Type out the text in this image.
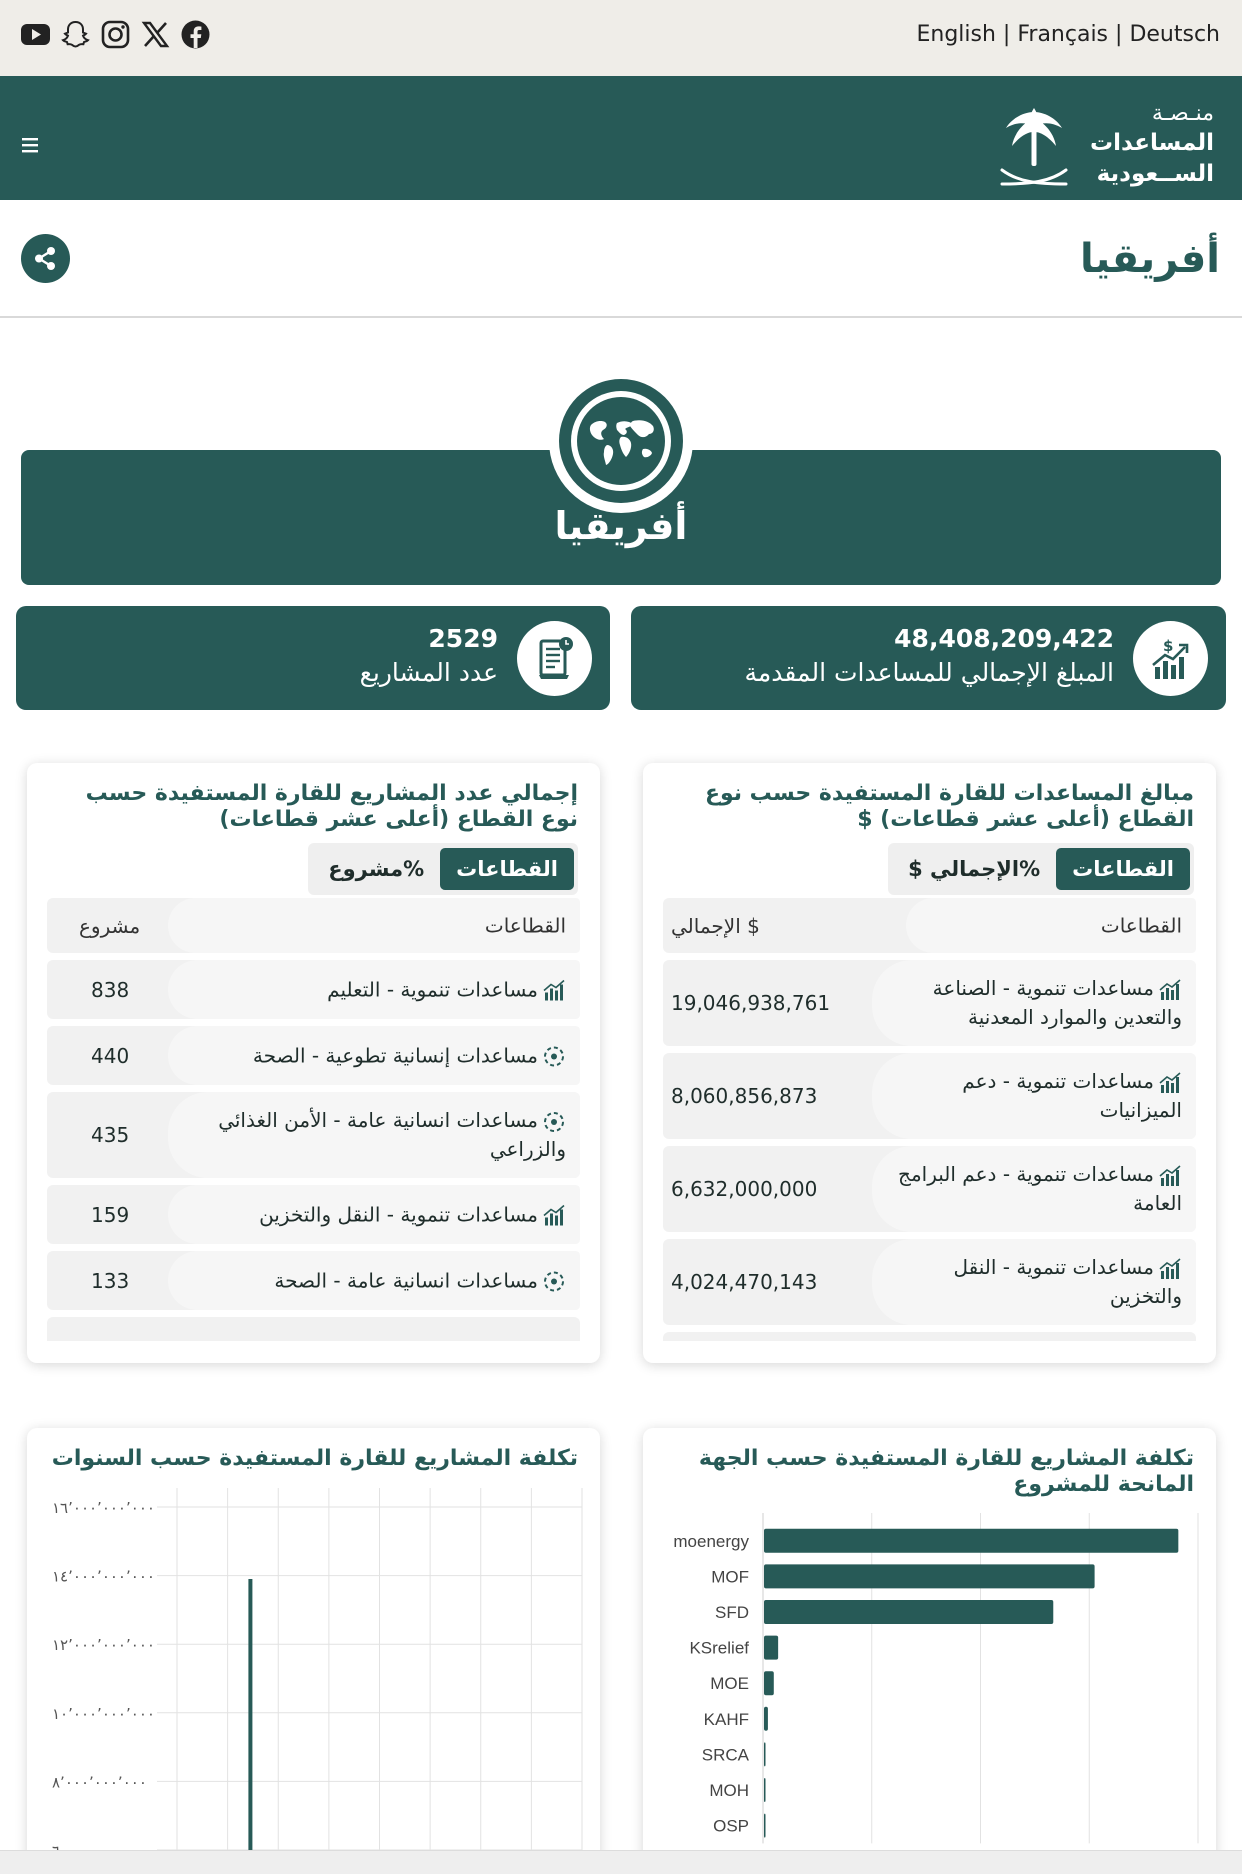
English | Français | Deutsch
منـصـة
المساعدات
الســعودية
أفريقيا
أفريقيا
48,408,209,422
المبلغ الإجمالي للمساعدات المقدمة
$
2529
عدد المشاريع
مبالغ المساعدات للقارة المستفيدة حسب نوع القطاع (أعلى عشر قطاعات) $
القطاعات
%الإجمالي $
القطاعات
الإجمالي $
مساعدات تنموية - الصناعة والتعدين والموارد المعدنية
19,046,938,761
مساعدات تنموية - دعم الميزانيات
8,060,856,873
مساعدات تنموية - دعم البرامج العامة
6,632,000,000
مساعدات تنموية - النقل والتخزين
4,024,470,143
إجمالي عدد المشاريع للقارة المستفيدة حسب نوع القطاع (أعلى عشر قطاعات)
القطاعات
%مشروع
القطاعات
مشروع
مساعدات تنموية - التعليم
838
مساعدات إنسانية تطوعية - الصحة
440
مساعدات انسانية عامة - الأمن الغذائي والزراعي
435
مساعدات تنموية - النقل والتخزين
159
مساعدات انسانية عامة - الصحة
133
تكلفة المشاريع للقارة المستفيدة حسب الجهة المانحة للمشروع
moenergy
MOF
SFD
KSrelief
MOE
KAHF
SRCA
MOH
OSP
تكلفة المشاريع للقارة المستفيدة حسب السنوات
١٦٬٠٠٠٬٠٠٠٬٠٠٠
١٤٬٠٠٠٬٠٠٠٬٠٠٠
١٢٬٠٠٠٬٠٠٠٬٠٠٠
١٠٬٠٠٠٬٠٠٠٬٠٠٠
٨٬٠٠٠٬٠٠٠٬٠٠٠
